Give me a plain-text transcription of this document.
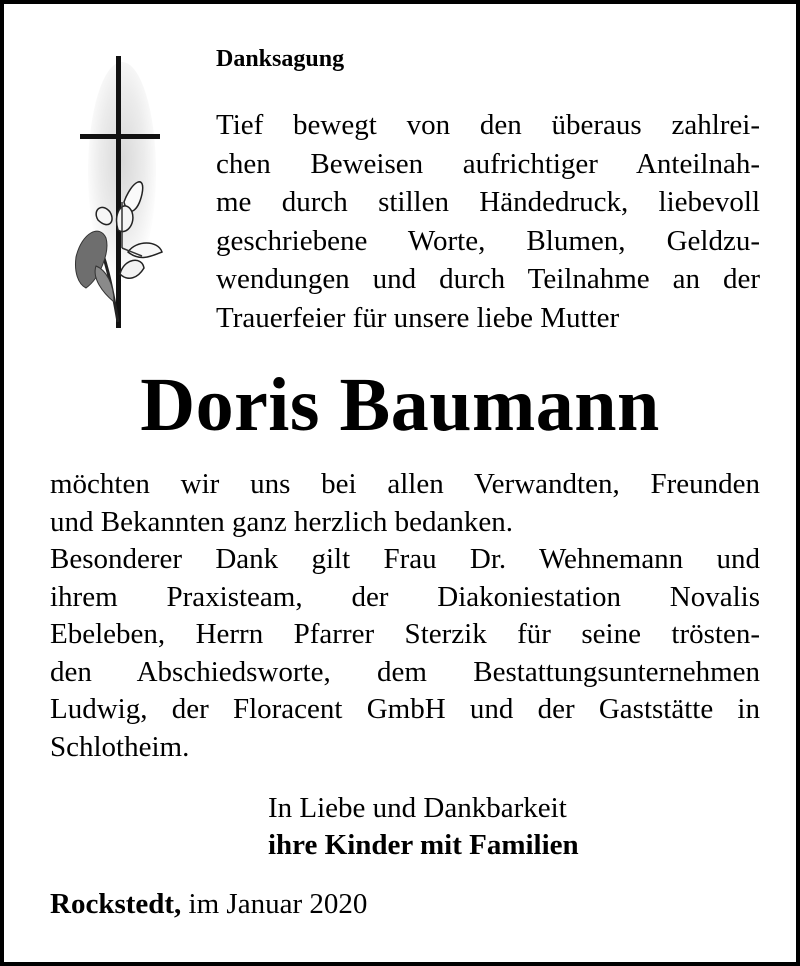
Danksagung
Tief bewegt von den überaus zahlrei-
chen Beweisen aufrichtiger Anteilnah-
me durch stillen Händedruck, liebevoll
geschriebene Worte, Blumen, Geldzu-
wendungen und durch Teilnahme an der
Trauerfeier für unsere liebe Mutter
Doris Baumann
möchten wir uns bei allen Verwandten, Freunden
und Bekannten ganz herzlich bedanken.
Besonderer Dank gilt Frau Dr. Wehnemann und
ihrem Praxisteam, der Diakoniestation Novalis
Ebeleben, Herrn Pfarrer Sterzik für seine trösten-
den Abschiedsworte, dem Bestattungsunternehmen
Ludwig, der Floracent GmbH und der Gaststätte in
Schlotheim.
In Liebe und Dankbarkeit
ihre Kinder mit Familien
Rockstedt, im Januar 2020
